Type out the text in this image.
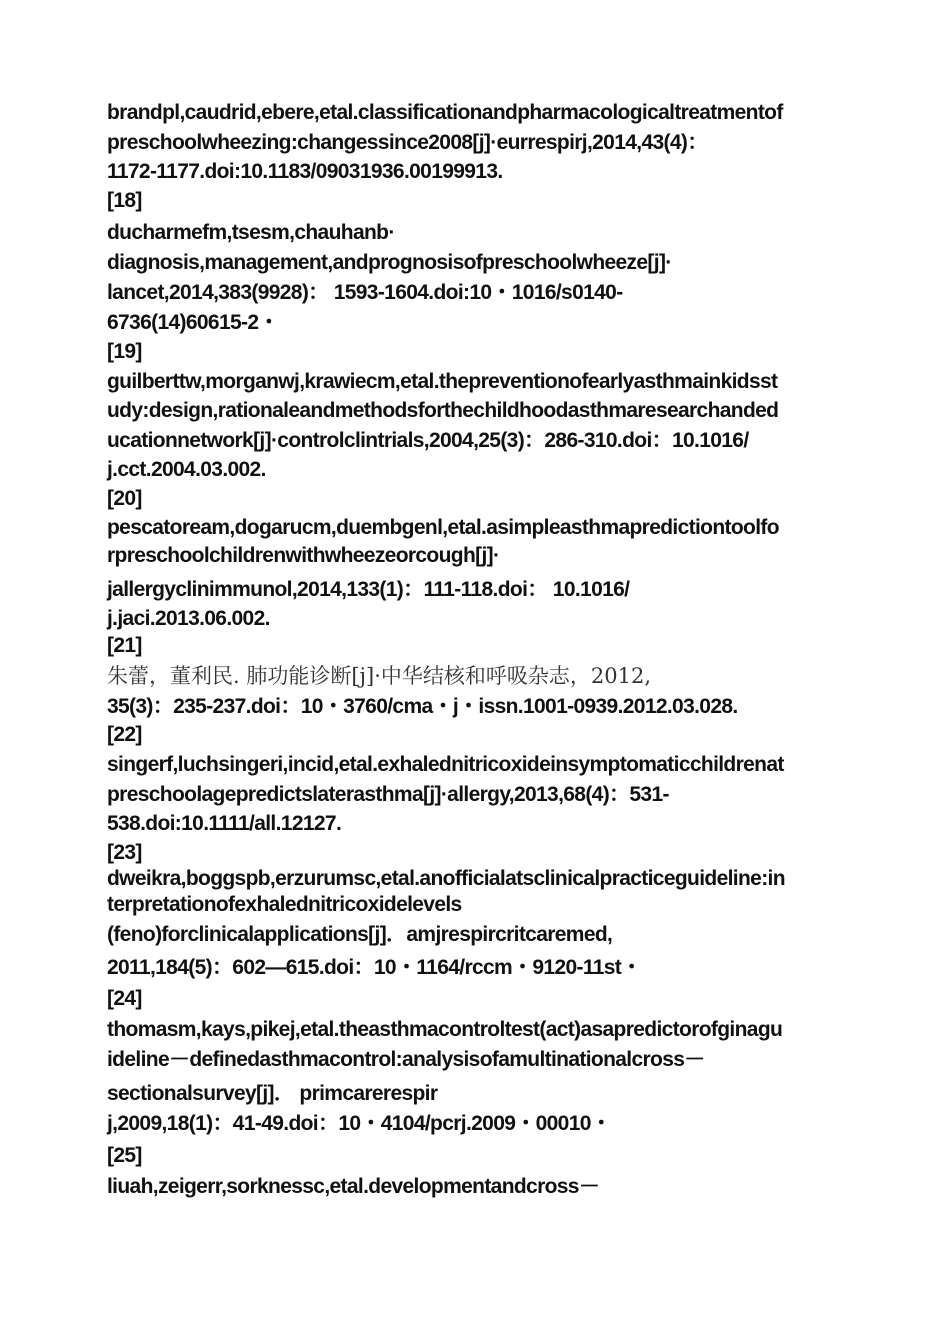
brandpl,caudrid,ebere,etal.classificationandpharmacologicaltreatmentof
preschoolwheezing:changessince2008[j]·eurrespirj,2014,43(4)：
1172-1177.doi:10.1183/09031936.00199913.
[18]
ducharmefm,tsesm,chauhanb·
diagnosis,management,andprognosisofpreschoolwheeze[j]·
lancet,2014,383(9928)： 1593-1604.doi:10・1016/s0140-
6736(14)60615-2・
[19]
guilberttw,morganwj,krawiecm,etal.thepreventionofearlyasthmainkidsst
udy:design,rationaleandmethodsforthechildhoodasthmaresearchanded
ucationnetwork[j]·controlclintrials,2004,25(3)：286-310.doi：10.1016/
j.cct.2004.03.002.
[20]
pescatoream,dogarucm,duembgenl,etal.asimpleasthmapredictiontoolfo
rpreschoolchildrenwithwheezeorcough[j]·
jallergyclinimmunol,2014,133(1)：111-118.doi： 10.1016/
j.jaci.2013.06.002.
[21]
朱蕾，董利民. 肺功能诊断[j]·中华结核和呼吸杂志，2012,
35(3)：235-237.doi：10・3760/cma・j・issn.1001-0939.2012.03.028.
[22]
singerf,luchsingeri,incid,etal.exhalednitricoxideinsymptomaticchildrenat
preschoolagepredictslaterasthma[j]·allergy,2013,68(4)：531-
538.doi:10.1111/all.12127.
[23]
dweikra,boggspb,erzurumsc,etal.anofficialatsclinicalpracticeguideline:in
terpretationofexhalednitricoxidelevels
(feno)forclinicalapplications[j]．amjrespircritcaremed,
2011,184(5)：602—615.doi：10・1164/rccm・9120-11st・
[24]
thomasm,kays,pikej,etal.theasthmacontroltest(act)asapredictorofginagu
ideline－definedasthmacontrol:analysisofamultinationalcross－
sectionalsurvey[j]． primcarerespir
j,2009,18(1)：41-49.doi：10・4104/pcrj.2009・00010・
[25]
liuah,zeigerr,sorknessc,etal.developmentandcross－
